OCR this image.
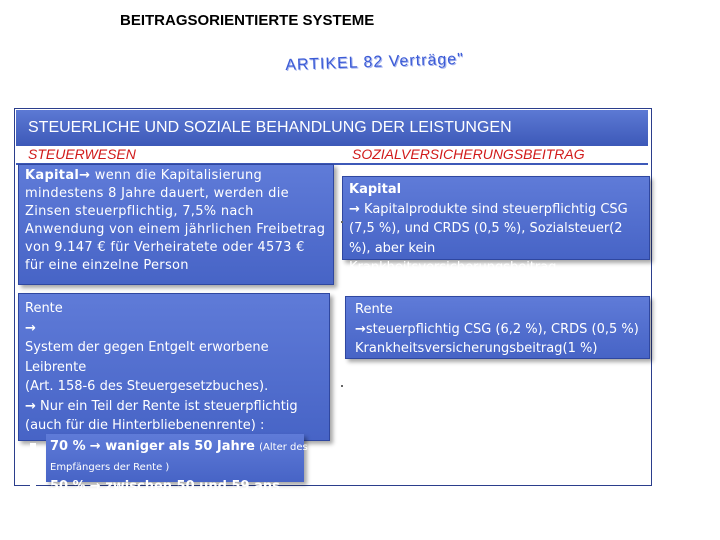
BEITRAGSORIENTIERTE SYSTEME
ARTIKEL 82 Verträge"
STEUERLICHE UND SOZIALE BEHANDLUNG DER LEISTUNGEN
STEUERWESEN	SOZIALVERSICHERUNGSBEITRAG
Kapital→ wenn die Kapitalisierung mindestens 8 Jahre dauert, werden die Zinsen steuerpflichtig, 7,5% nach Anwendung von einem jährlichen Freibetrag von 9.147 € für Verheiratete oder 4573 € für eine einzelne Person
Kapital
→ Kapitalprodukte sind steuerpflichtig CSG (7,5 %), und CRDS (0,5 %), Sozialsteuer(2 %), aber kein Krankheitsversicherungsbeitrag
Rente
→
System der gegen Entgelt erworbene Leibrente
(Art. 158-6 des Steuergesetzbuches).
→ Nur ein Teil der Rente ist steuerpflichtig (auch für die Hinterbliebenenrente) :
Rente
→steuerpflichtig CSG (6,2 %), CRDS (0,5 %) Krankheitsversicherungsbeitrag(1 %)
70 % → waniger als 50 Jahre (Alter des Empfängers der Rente )
50 % → zwischen 50 und 59 ans
40 % → zwischen 60 und 69 ans
30 % → mehr als 69 ans
